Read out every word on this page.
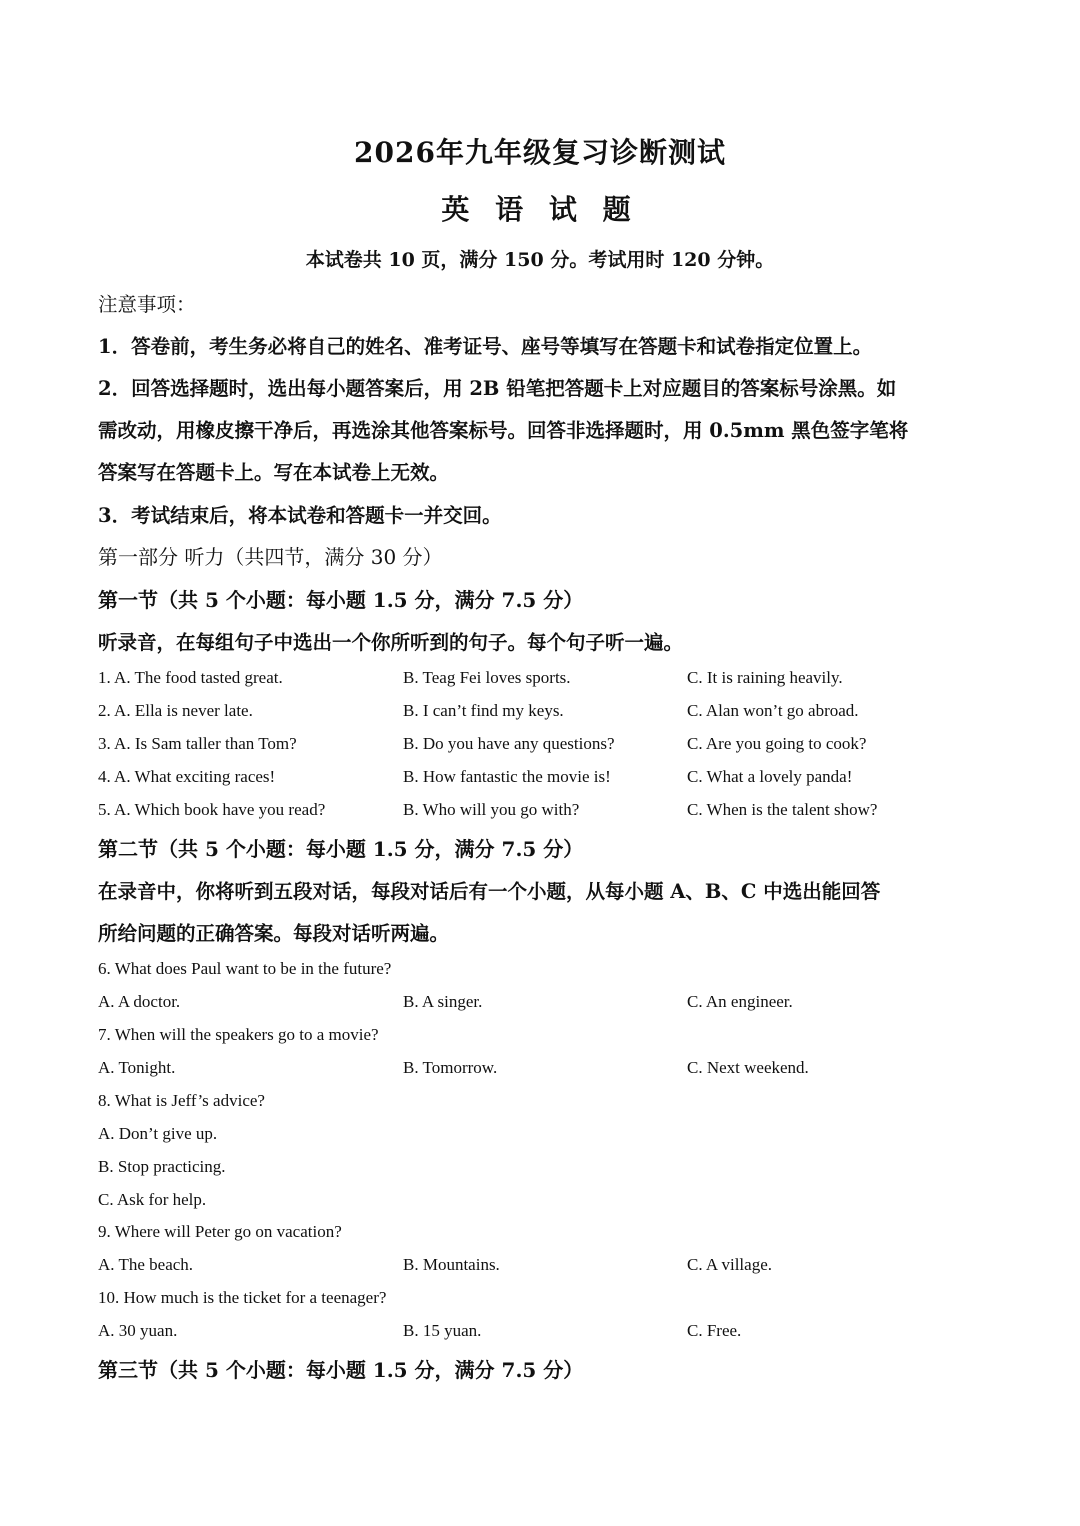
2026年九年级复习诊断测试
英 语 试 题
本试卷共 10 页，满分 150 分。考试用时 120 分钟。
注意事项：
1．答卷前，考生务必将自己的姓名、准考证号、座号等填写在答题卡和试卷指定位置上。
2．回答选择题时，选出每小题答案后，用 2B 铅笔把答题卡上对应题目的答案标号涂黑。如
需改动，用橡皮擦干净后，再选涂其他答案标号。回答非选择题时，用 0.5mm 黑色签字笔将
答案写在答题卡上。写在本试卷上无效。
3．考试结束后，将本试卷和答题卡一并交回。
第一部分 听力（共四节，满分 30 分）
第一节（共 5 个小题：每小题 1.5 分，满分 7.5 分）
听录音，在每组句子中选出一个你所听到的句子。每个句子听一遍。
1. A. The food tasted great.	B. Teag Fei loves sports.	C. It is raining heavily.
2. A. Ella is never late.	B. I can’t find my keys.	C. Alan won’t go abroad.
3. A. Is Sam taller than Tom?	B. Do you have any questions?	C. Are you going to cook?
4. A. What exciting races!	B. How fantastic the movie is!	C. What a lovely panda!
5. A. Which book have you read?	B. Who will you go with?	C. When is the talent show?
第二节（共 5 个小题：每小题 1.5 分，满分 7.5 分）
在录音中，你将听到五段对话，每段对话后有一个小题，从每小题 A、B、C 中选出能回答
所给问题的正确答案。每段对话听两遍。
6. What does Paul want to be in the future?
A. A doctor.	B. A singer.	C. An engineer.
7. When will the speakers go to a movie?
A. Tonight.	B. Tomorrow.	C. Next weekend.
8. What is Jeff’s advice?
A. Don’t give up.
B. Stop practicing.
C. Ask for help.
9. Where will Peter go on vacation?
A. The beach.	B. Mountains.	C. A village.
10. How much is the ticket for a teenager?
A. 30 yuan.	B. 15 yuan.	C. Free.
第三节（共 5 个小题：每小题 1.5 分，满分 7.5 分）
